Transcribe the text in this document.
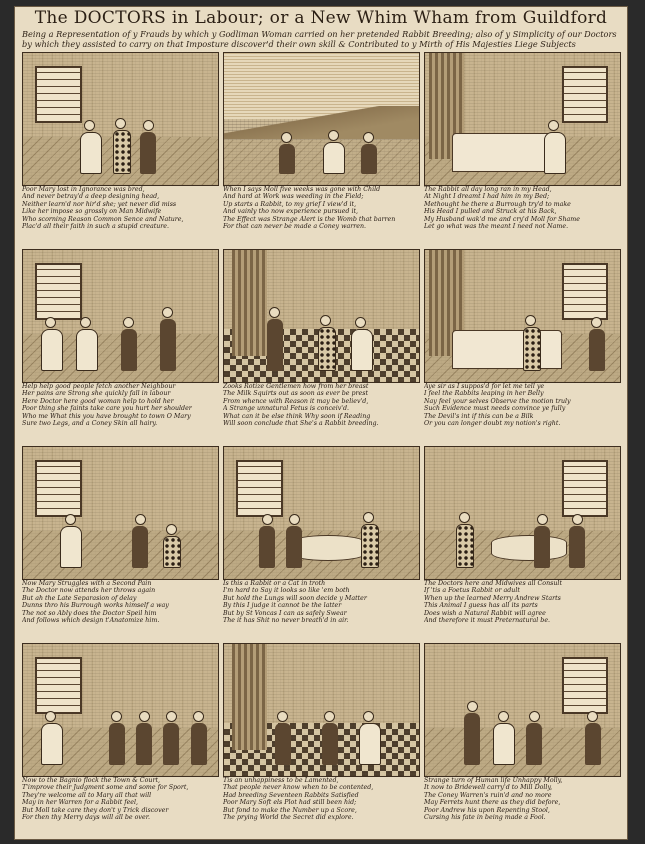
The DOCTORS in Labour; or a New Whim Wham from Guildford
Being a Representation of y Frauds by which y Godliman Woman carried on her pretended Rabbit Breeding; also of y Simplicity of our Doctors by which they assisted to carry on that Imposture discover'd their own skill & Contributed to y Mirth of His Majesties Liege Subjects
Poor Mary lost in Ignorance was bred,
And never betray'd a deep designing head,
Neither learn'd nor hir'd she; yet never did miss
Like her impose so grossly on Man Midwife
Who scorning Reason Common Sence and Nature,
Plac'd all their faith in such a stupid creature.
When I says Moll five weeks was gone with Child
And hard at Work was weeding in the Field;
Up starts a Rabbit, to my grief I view'd it,
And vainly tho now experience pursued it,
The Effect was Strange Alert is the Womb that barren
For that can never be made a Coney warren.
The Rabbit all day long ran in my Head,
At Night I dreamt I had him in my Bed;
Methought he there a Burrough try'd to make
His Head I pulled and Struck at his Back,
My Husband wak'd me and cry'd Moll for Shame
Let go what was the meant I need not Name.
Help help good people fetch another Neighbour
Her pains are Strong she quickly fall in labour
Here Doctor here good woman help to hold her
Poor thing she faints take care you hurt her shoulder
Who me What this you have brought to town O Mary
Sure two Legs, and a Coney Skin all hairy.
Zooks Rotize Gentlemen how from her breast
The Milk Squirts out as soon as ever be prest
From whence with Reason it may be believ'd,
A Strange unnatural Fetus is conceiv'd.
What can it be else think Why soon if Reading
Will soon conclude that She's a Rabbit breeding.
Aye sir as I suppos'd for let me tell ye
I feel the Rabbits leaping in her Belly
Nay feel your selves Observe the motion truly
Such Evidence must needs convince ye fully
The Devil's int if this can be a Bilk
Or you can longer doubt my notion's right.
Now Mary Struggles with a Second Pain
The Doctor now attends her throws again
But ah the Late Separasion of delay
Dunns thro his Burrough works himself a way
The not so Ably does the Doctor Speil him
And follows which design t'Anatomize him.
Is this a Rabbit or a Cat in troth
I'm hard to Say it looks so like 'em both
But hold the Lungs will soon decide y Matter
By this I judge it cannot be the latter
But by St Voncas I can as safely Swear
The it has Shit no never breath'd in air.
The Doctors here and Midwives all Consult
If 'tis a Foetus Rabbit or adult
When up the learned Merry Andrew Starts
This Animal I guess has all its parts
Does wish a Natural Rabbit will agree
And therefore it must Preternatural be.
Now to the Bagnio flock the Town & Court,
T'improve their Judgment some and some for Sport,
They're welcome all to Mary all that will
May in her Warren for a Rabbit feel,
But Moll take care they don't y Trick discover
For then thy Merry days will all be over.
Tis an unhappiness to be Lamented,
That people never know when to be contented,
Had breeding Seventeen Rabbits Satisfied
Poor Mary Soft els Plot had still been hid;
But fond to make the Number up a Score,
The prying World the Secret did explore.
Strange turn of Human life Unhappy Molly,
It now to Bridewell carry'd to Mill Dolly,
The Coney Warren's ruin'd and no more
May Ferrets hunt there as they did before,
Poor Andrew his upon Repenting Stool,
Cursing his fate in being made a Fool.
